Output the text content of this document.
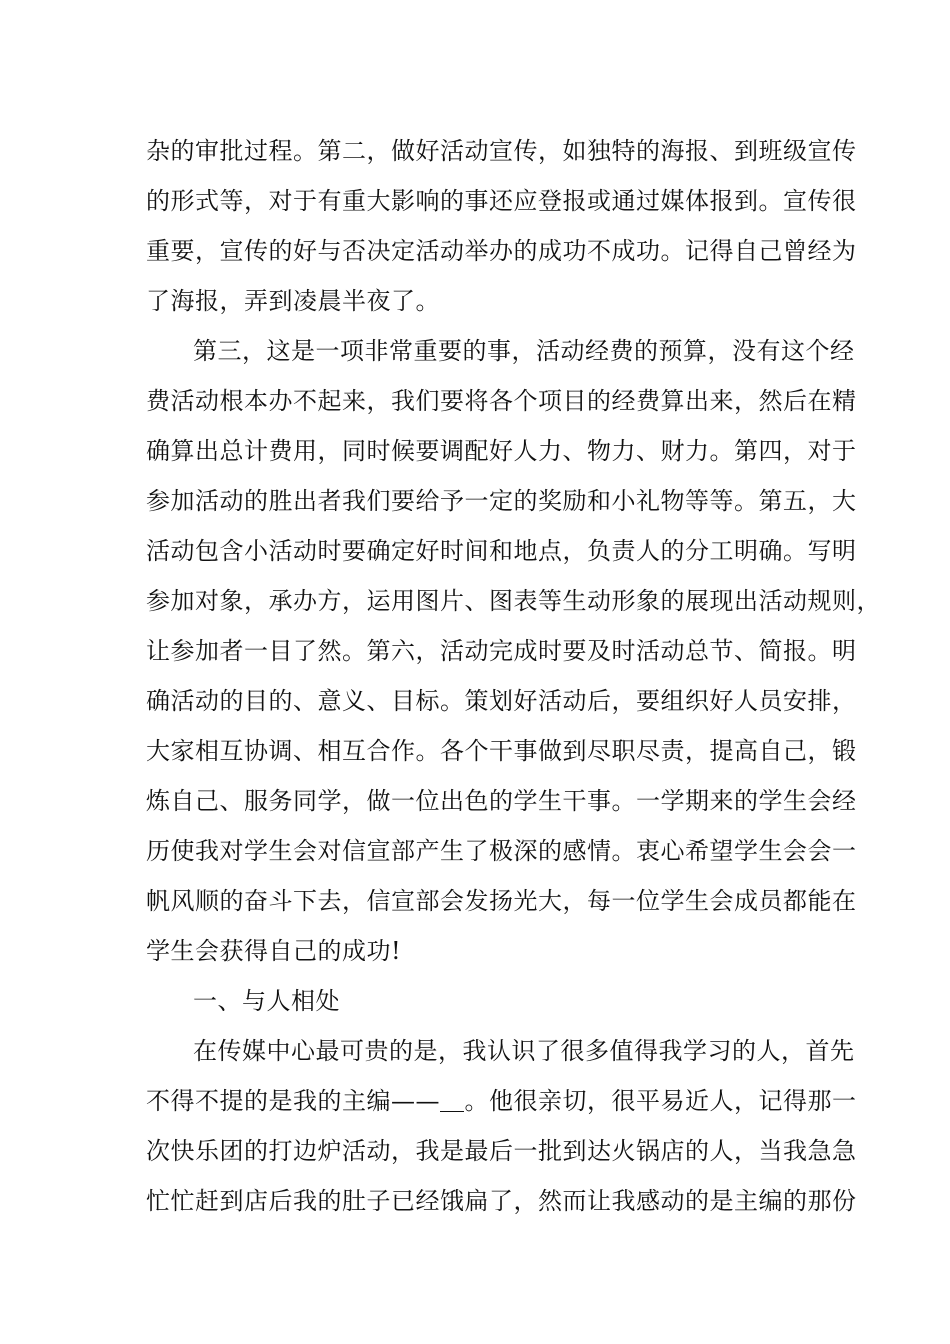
杂的审批过程。第二，做好活动宣传，如独特的海报、到班级宣传
的形式等，对于有重大影响的事还应登报或通过媒体报到。宣传很
重要，宣传的好与否决定活动举办的成功不成功。记得自己曾经为
了海报，弄到凌晨半夜了。
第三，这是一项非常重要的事，活动经费的预算，没有这个经
费活动根本办不起来，我们要将各个项目的经费算出来，然后在精
确算出总计费用，同时候要调配好人力、物力、财力。第四，对于
参加活动的胜出者我们要给予一定的奖励和小礼物等等。第五，大
活动包含小活动时要确定好时间和地点，负责人的分工明确。写明
参加对象，承办方，运用图片、图表等生动形象的展现出活动规则，
让参加者一目了然。第六，活动完成时要及时活动总节、简报。明
确活动的目的、意义、目标。策划好活动后，要组织好人员安排，
大家相互协调、相互合作。各个干事做到尽职尽责，提高自己，锻
炼自己、服务同学，做一位出色的学生干事。一学期来的学生会经
历使我对学生会对信宣部产生了极深的感情。衷心希望学生会会一
帆风顺的奋斗下去，信宣部会发扬光大，每一位学生会成员都能在
学生会获得自己的成功!
一、与人相处
在传媒中心最可贵的是，我认识了很多值得我学习的人，首先
不得不提的是我的主编——＿。他很亲切，很平易近人，记得那一
次快乐团的打边炉活动，我是最后一批到达火锅店的人，当我急急
忙忙赶到店后我的肚子已经饿扁了，然而让我感动的是主编的那份
